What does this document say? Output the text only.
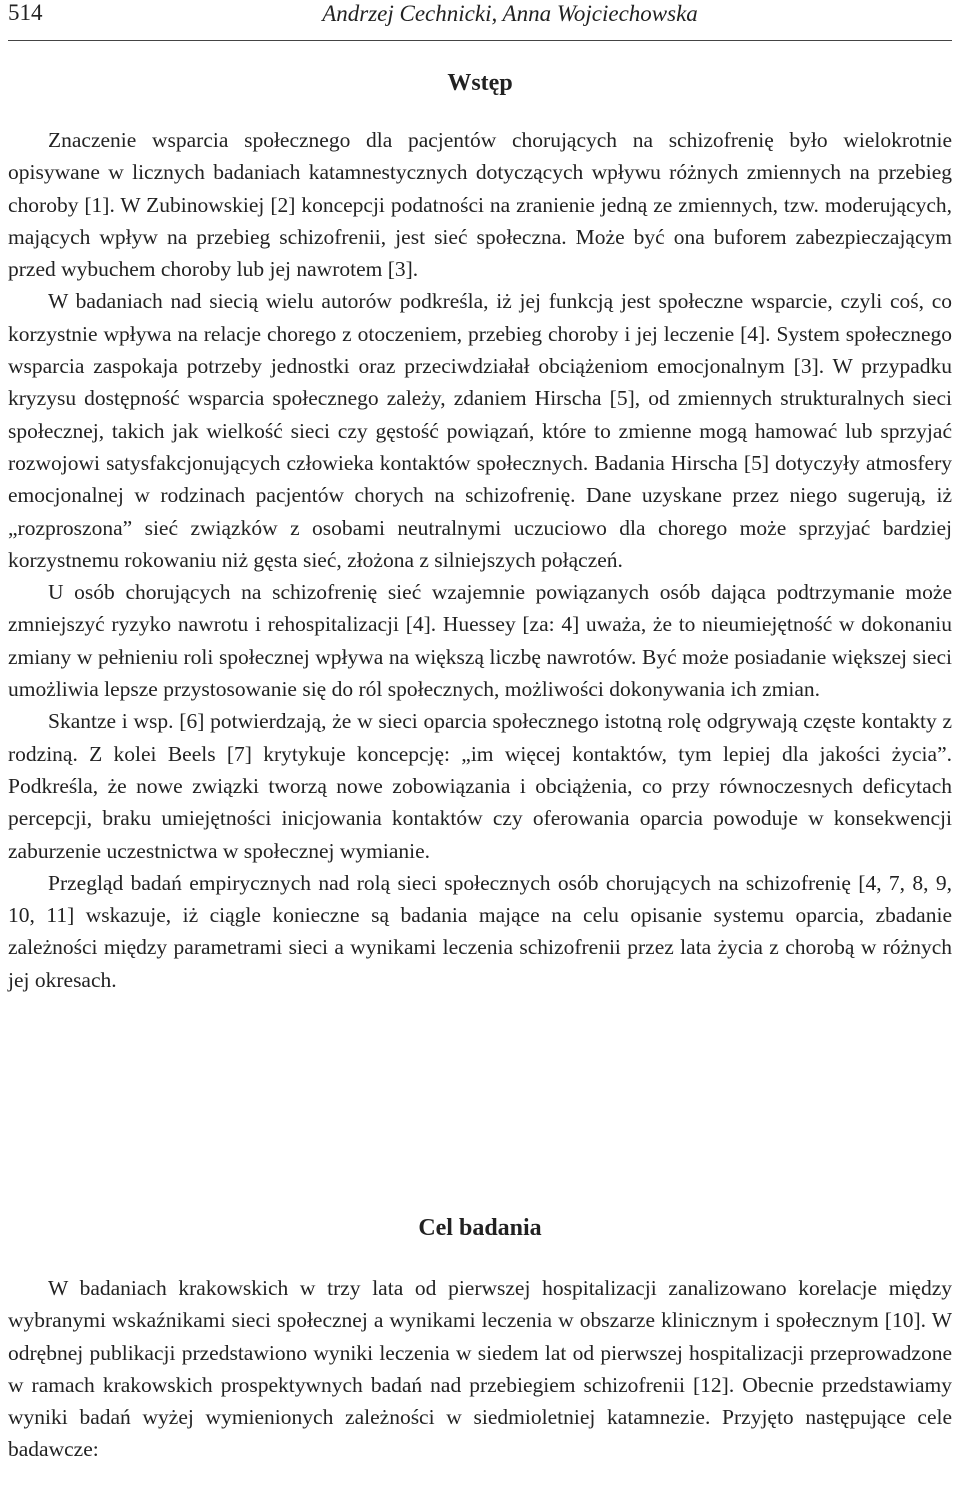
514	Andrzej Cechnicki, Anna Wojciechowska
Wstęp

Znaczenie wsparcia społecznego dla pacjentów chorujących na schizofrenię było wielokrotnie opisywane w licznych badaniach katamnestycznych dotyczących wpływu różnych zmiennych na przebieg choroby [1]. W Zubinowskiej [2] koncepcji podatności na zranienie jedną ze zmiennych, tzw. moderujących, mających wpływ na przebieg schizofrenii, jest sieć społeczna. Może być ona buforem zabezpieczającym przed wybuchem choroby lub jej nawrotem [3].

W badaniach nad siecią wielu autorów podkreśla, iż jej funkcją jest społeczne wsparcie, czyli coś, co korzystnie wpływa na relacje chorego z otoczeniem, przebieg choroby i jej leczenie [4]. System społecznego wsparcia zaspokaja potrzeby jednostki oraz przeciwdziałał obciążeniom emocjonalnym [3]. W przypadku kryzysu dostępność wsparcia społecznego zależy, zdaniem Hirscha [5], od zmiennych strukturalnych sieci społecznej, takich jak wielkość sieci czy gęstość powiązań, które to zmienne mogą hamować lub sprzyjać rozwojowi satysfakcjonujących człowieka kontaktów społecznych. Badania Hirscha [5] dotyczyły atmosfery emocjonalnej w rodzinach pacjentów chorych na schizofrenię. Dane uzyskane przez niego sugerują, iż „rozproszona” sieć związków z osobami neutralnymi uczuciowo dla chorego może sprzyjać bardziej korzystnemu rokowaniu niż gęsta sieć, złożona z silniejszych połączeń.

U osób chorujących na schizofrenię sieć wzajemnie powiązanych osób dająca podtrzymanie może zmniejszyć ryzyko nawrotu i rehospitalizacji [4]. Huessey [za: 4] uważa, że to nieumiejętność w dokonaniu zmiany w pełnieniu roli społecznej wpływa na większą liczbę nawrotów. Być może posiadanie większej sieci umożliwia lepsze przystosowanie się do ról społecznych, możliwości dokonywania ich zmian.

Skantze i wsp. [6] potwierdzają, że w sieci oparcia społecznego istotną rolę odgrywają częste kontakty z rodziną. Z kolei Beels [7] krytykuje koncepcję: „im więcej kontaktów, tym lepiej dla jakości życia”. Podkreśla, że nowe związki tworzą nowe zobowiązania i obciążenia, co przy równoczesnych deficytach percepcji, braku umiejętności inicjowania kontaktów czy oferowania oparcia powoduje w konsekwencji zaburzenie uczestnictwa w społecznej wymianie.

Przegląd badań empirycznych nad rolą sieci społecznych osób chorujących na schizofrenię [4, 7, 8, 9, 10, 11] wskazuje, iż ciągle konieczne są badania mające na celu opisanie systemu oparcia, zbadanie zależności między parametrami sieci a wynikami leczenia schizofrenii przez lata życia z chorobą w różnych jej okresach.

Cel badania

W badaniach krakowskich w trzy lata od pierwszej hospitalizacji zanalizowano korelacje między wybranymi wskaźnikami sieci społecznej a wynikami leczenia w obszarze klinicznym i społecznym [10]. W odrębnej publikacji przedstawiono wyniki leczenia w siedem lat od pierwszej hospitalizacji przeprowadzone w ramach krakowskich prospektywnych badań nad przebiegiem schizofrenii [12]. Obecnie przedstawiamy wyniki badań wyżej wymienionych zależności w siedmioletniej katamnezie. Przyjęto następujące cele badawcze:
